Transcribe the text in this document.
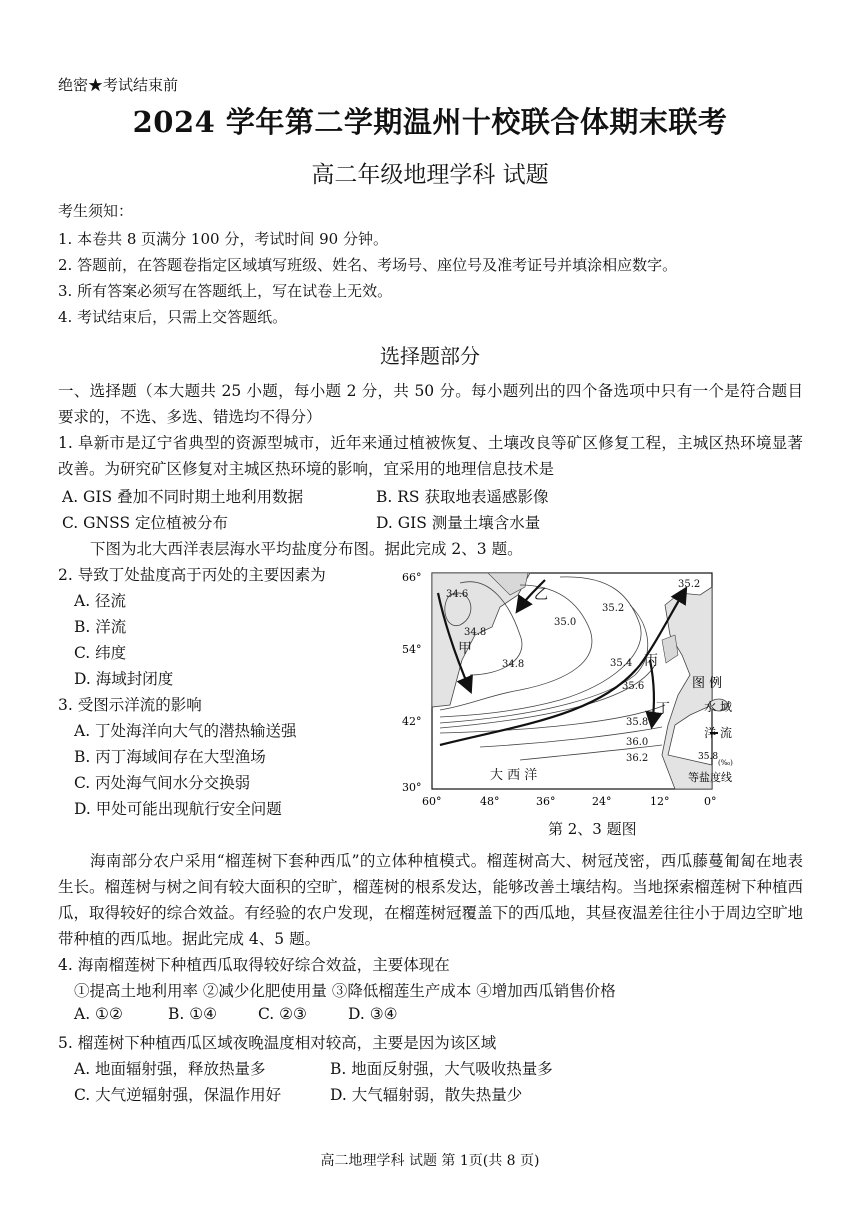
绝密★考试结束前
2024 学年第二学期温州十校联合体期末联考
高二年级地理学科 试题
考生须知：
1. 本卷共 8 页满分 100 分，考试时间 90 分钟。
2. 答题前，在答题卷指定区域填写班级、姓名、考场号、座位号及准考证号并填涂相应数字。
3. 所有答案必须写在答题纸上，写在试卷上无效。
4. 考试结束后，只需上交答题纸。
选择题部分
一、选择题（本大题共 25 小题，每小题 2 分，共 50 分。每小题列出的四个备选项中只有一个是符合题目要求的，不选、多选、错选均不得分）
1. 阜新市是辽宁省典型的资源型城市，近年来通过植被恢复、土壤改良等矿区修复工程，主城区热环境显著改善。为研究矿区修复对主城区热环境的影响，宜采用的地理信息技术是
A. GIS 叠加不同时期土地利用数据	B. RS 获取地表遥感影像
C. GNSS 定位植被分布	D. GIS 测量土壤含水量
下图为北大西洋表层海水平均盐度分布图。据此完成 2、3 题。
2. 导致丁处盐度高于丙处的主要因素为
A. 径流
B. 洋流
C. 纬度
D. 海域封闭度
3. 受图示洋流的影响
A. 丁处海洋向大气的潜热输送强
B. 丙丁海域间存在大型渔场
C. 丙处海气间水分交换弱
D. 甲处可能出现航行安全问题
66°
54°
42°
30°
60°	48°	36°	24°	12°	0°
34.6
34.8
35.0
35.2
35.2
34.8	35.4
35.6
35.8
36.0
36.2
乙
甲
丙
丁
大 西 洋
图 例
水 域
洋 流
35.8
(‰)
等盐度线
第 2、3 题图
海南部分农户采用“榴莲树下套种西瓜”的立体种植模式。榴莲树高大、树冠茂密，西瓜藤蔓匍匐在地表生长。榴莲树与树之间有较大面积的空旷，榴莲树的根系发达，能够改善土壤结构。当地探索榴莲树下种植西瓜，取得较好的综合效益。有经验的农户发现，在榴莲树冠覆盖下的西瓜地，其昼夜温差往往小于周边空旷地带种植的西瓜地。据此完成 4、5 题。
4. 海南榴莲树下种植西瓜取得较好综合效益，主要体现在
①提高土地利用率 ②减少化肥使用量 ③降低榴莲生产成本 ④增加西瓜销售价格
A. ①②	B. ①④	C. ②③	D. ③④
5. 榴莲树下种植西瓜区域夜晚温度相对较高，主要是因为该区域
A. 地面辐射强，释放热量多	B. 地面反射强，大气吸收热量多
C. 大气逆辐射强，保温作用好	D. 大气辐射弱，散失热量少
高二地理学科 试题 第 1页(共 8 页)
